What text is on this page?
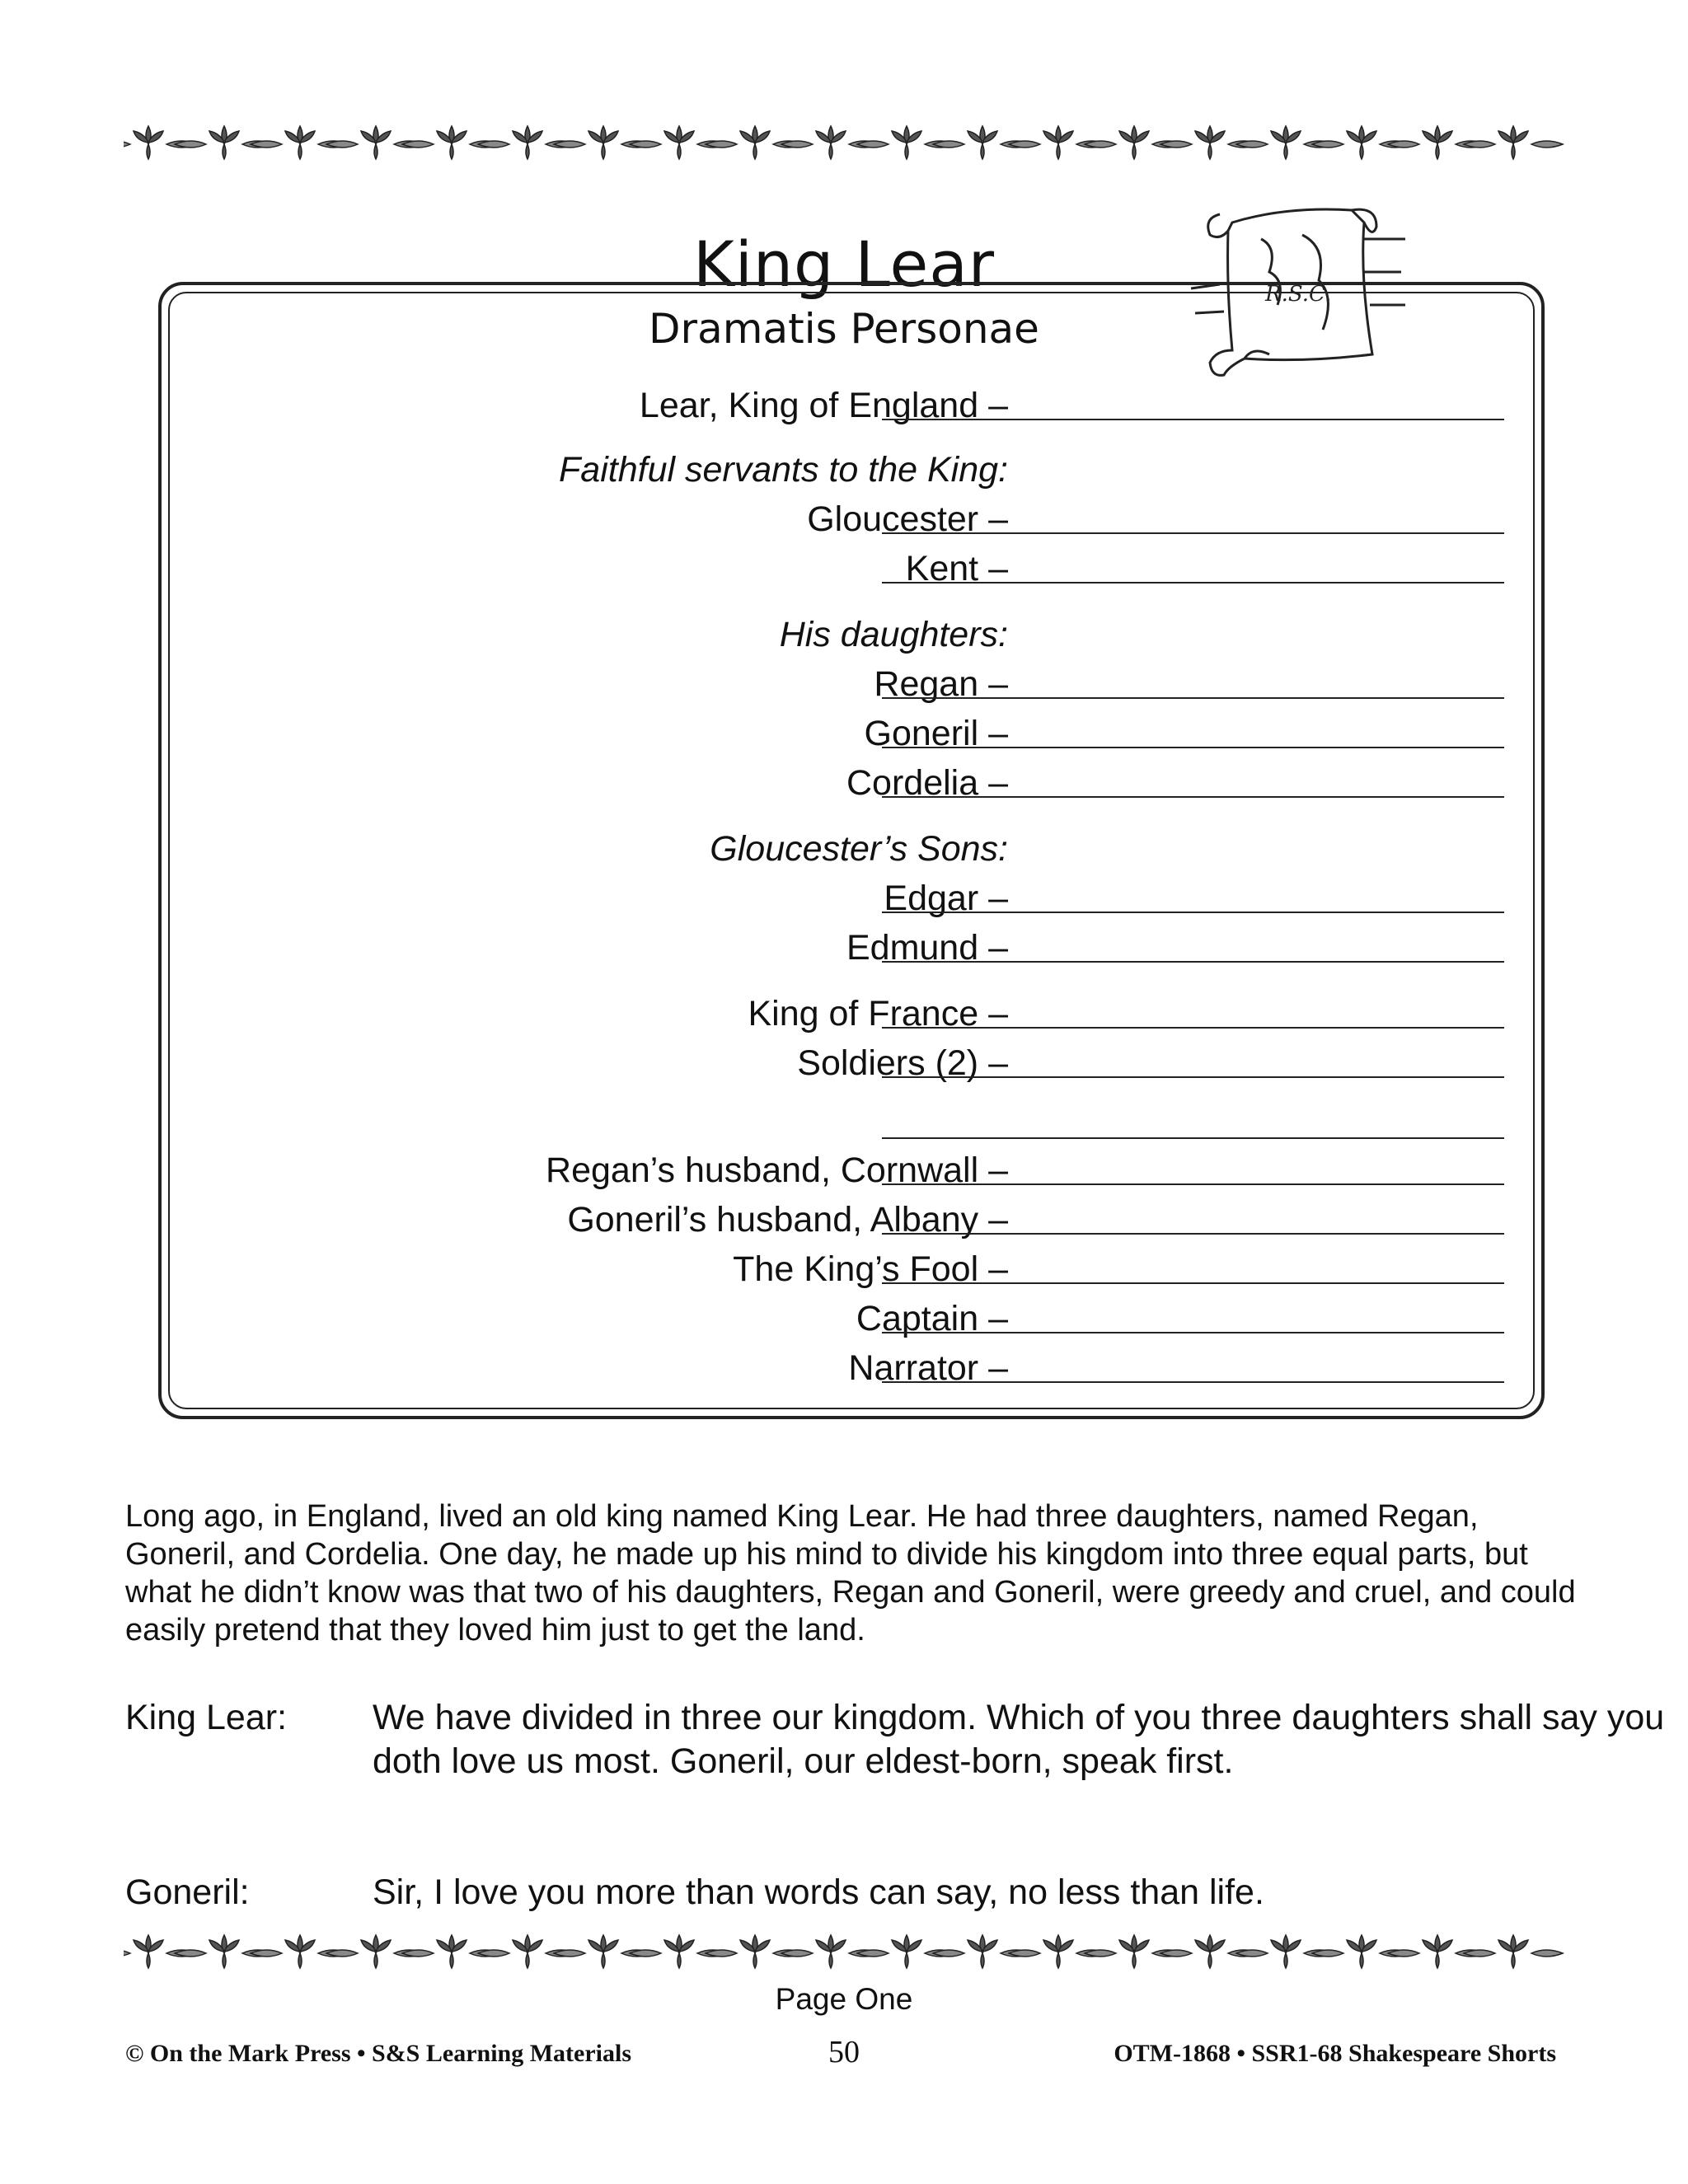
King Lear	R.S.C.
Dramatis Personae
Lear, King of England –
Faithful servants to the King:
Gloucester –
Kent –
His daughters:
Regan –
Goneril –
Cordelia –
Gloucester’s Sons:
Edgar –
Edmund –
King of France –
Soldiers (2) –
Regan’s husband, Cornwall –
Goneril’s husband, Albany –
The King’s Fool –
Captain –
Narrator –

Long ago, in England, lived an old king named King Lear. He had three daughters, named Regan, Goneril, and Cordelia. One day, he made up his mind to divide his kingdom into three equal parts, but what he didn’t know was that two of his daughters, Regan and Goneril, were greedy and cruel, and could easily pretend that they loved him just to get the land.

King Lear: We have divided in three our kingdom. Which of you three daughters shall say you doth love us most. Goneril, our eldest-born, speak first.
Goneril:	Sir, I love you more than words can say, no less than life.
Page One
© On the Mark Press • S&S Learning Materials	50	OTM-1868 • SSR1-68 Shakespeare Shorts
